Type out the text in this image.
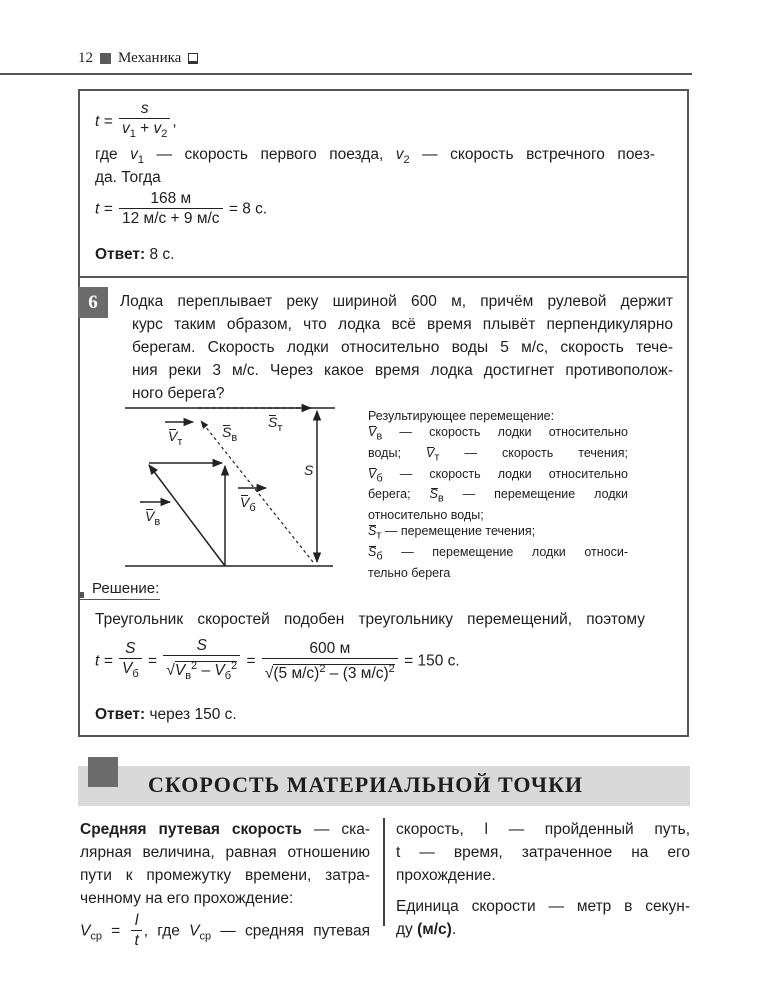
12 Механика
$t = \frac{s}{v_1 + v_2}$ ,
где $v_1$ — скорость первого поезда, $v_2$ — скорость встречного поез-
да. Тогда
$t = \frac{168 м}{12 м/с + 9 м/с} = 8$ с.
Ответ: 8 с.
6	Лодка переплывает реку шириной 600 м, причём рулевой держит
курс таким образом, что лодка всё время плывёт перпендикулярно
берегам. Скорость лодки относительно воды 5 м/с, скорость тече-
ния реки 3 м/с. Через какое время лодка достигнет противополож-
ного берега?
$V_т$
$S_в$
$S_т$
S
$V_б$
$V_в$
Результирующее перемещение:
$V_в$ — скорость лодки относительно
воды; $V_т$ — скорость течения;
$V_б$ — скорость лодки относительно
берега; $S_в$ — перемещение лодки
относительно воды;
$S_т$ — перемещение течения;
$S_б$ — перемещение лодки относи-
тельно берега
Решение:
Треугольник скоростей подобен треугольнику перемещений, поэтому
$t = \frac{S}{V_б} = \frac{S}{√V_в^2 - V_б^2} = \frac{600 м}{√(5 м/с)^2 - (3 м/с)^2} = 150$ с.
Ответ: через 150 с.
СКОРОСТЬ МАТЕРИАЛЬНОЙ ТОЧКИ
Средняя путевая скорость — ска-
лярная величина, равная отношению
пути к промежутку времени, затра-
ченному на его прохождение:
$V_{ср} = \frac{l}{t}$ , где $V_{ср}$ — средняя путевая
скорость, l — пройденный путь,
t — время, затраченное на его
прохождение.
Единица скорости — метр в секун-
ду (м/с).
